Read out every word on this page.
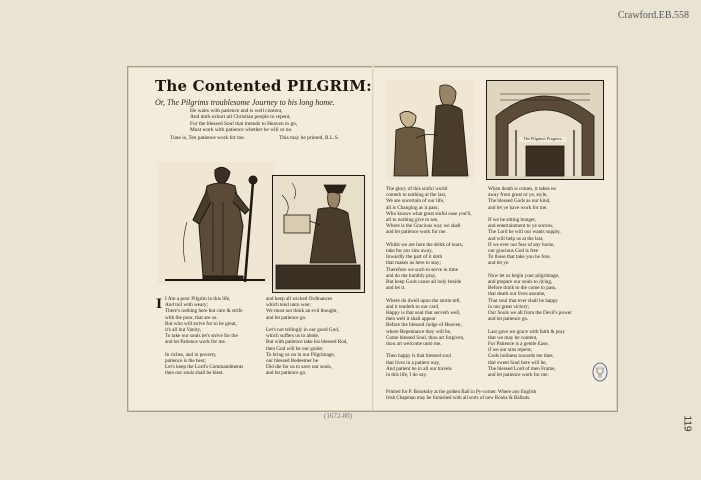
Crawford.EB.558
119
(1672-80)
The Contented PILGRIM:
Or, The Pilgrims troublesome Journey to his long home.
He waits with patience and is well content,
And doth exhort all Christian people to repent,
For the blessed Soul that intends to Heaven to go,
Must work with patience whether he will or no.
Tune is, Ten patience work for me.	This may be printed, R.L.S.	The Pilgrim's Progress.
I I Am a poor Pilgrim in this life,
And toil with weary;
There's nothing here but care & strife
with the poor, that are so.
But who will strive for to be great,
it's all but Vanity,
To take our souls let's strive for the
and let Patience work for me.

In riches, and in poverty,
patience is the best;
Let's keep the Lord's Commandments
then our souls shall be blest.
and keep all wicked Ordinances
which tend unto woe;
We must not think an evil thought,
and let patience go.

Let's not tellingly in our good God,
which suffers us to abide,
But with patience take his blessed Rod,
then God will be our guide;
To bring us on in our Pilgrimage,
our blessed Redeemer he
Did die for us to save our souls,
and let patience go.
The glory of this sinful world
cometh to nothing at the last,
We are uncertain of our life,
all is Changing as it pass;
Who knows what great sinful ease you'll,
all to nothing give to see,
Where is the Gracious way we shall
and let patience work for me.

Whilst we are here the drink of tears,
take for our sins away,
Inwardly the part of it doth
that makes us here to stay;
Therefore we such to serve in time
and do me humbly pray,
But keep Gods cause all holy beside
and let it.

Where do dwell upon the storm tell,
and it tendeth to our card,
Happy is that soul that serveth well,
then well it shall appear
Before the blessed Judge of Heaven,
where Repentance they will be,
Come blessed Soul, thou art forgiven,
thou art welcome unto me.

Then happy is that blessed soul
that lives in a patient way,
And patient be in all our travels
in this life, I do say.
When death is comes, it takes no
away from great or ye, style,
The blessed Gods as our kind,
and let ye have work for me.

If we be sitting hunger,
and entertainment to ye sorrow,
The Lord he will our wants supply,
and will help us at the last,
If we ever not fear of any horse,
our gracious God is free
To those that take you he fore,
and let ye.

Now let us begin your pilgrimage,
and prepare our souls to dying,
Before think to die come to pass,
that death our lives assume,
That soul that ever shall be happy
in our great victory;
Our Souls we all from the Devil's power
and let patience go.

Last gave we grace with faith & pray
that we may be content,
For Patience is a gentle Ease,
if we our sins repent;
Gods holiness towards me thee,
that sweet Soul here will be,
The blessed Lord of men Frame,
and let patience work for me.
Printed for P. Brooksby at the golden Ball in Py-corner. Where any English
Irish Chapman may be furnished with all sorts of new Books & Ballads.
